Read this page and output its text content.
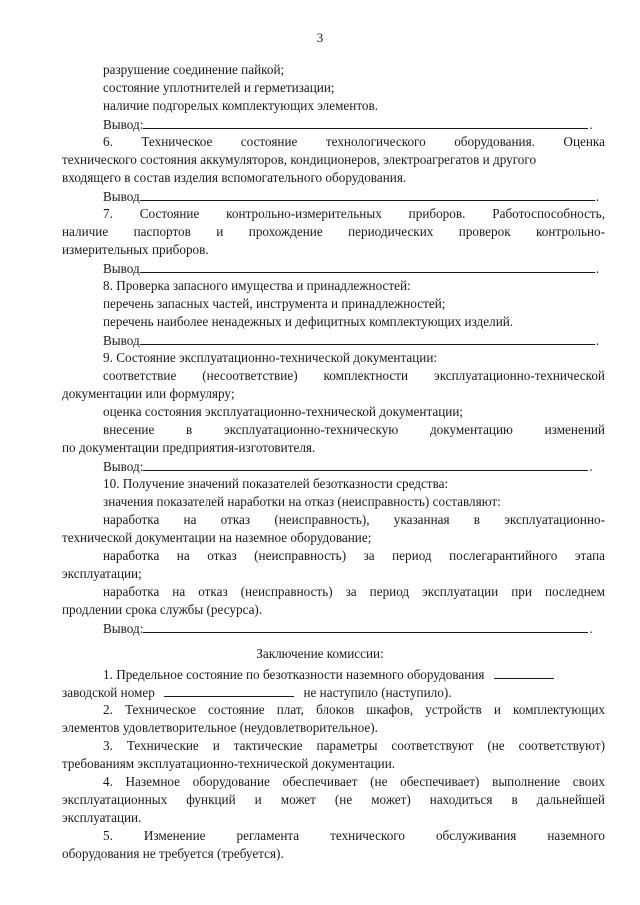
3
разрушение соединение пайкой;
состояние уплотнителей и герметизации;
наличие подгорелых комплектующих элементов.
Вывод:	.
6. Техническое состояние технологического оборудования. Оценка
технического состояния аккумуляторов, кондиционеров, электроагрегатов и другого
входящего в состав изделия вспомогательного оборудования.
Вывод	.
7. Состояние контрольно-измерительных приборов. Работоспособность,
наличие паспортов и прохождение периодических проверок контрольно-
измерительных приборов.
Вывод	.
8. Проверка запасного имущества и принадлежностей:
перечень запасных частей, инструмента и принадлежностей;
перечень наиболее ненадежных и дефицитных комплектующих изделий.
Вывод	.
9. Состояние эксплуатационно-технической документации:
соответствие (несоответствие) комплектности эксплуатационно-технической
документации или формуляру;
оценка состояния эксплуатационно-технической документации;
внесение в эксплуатационно-техническую документацию изменений
по документации предприятия-изготовителя.
Вывод:	.
10. Получение значений показателей безотказности средства:
значения показателей наработки на отказ (неисправность) составляют:
наработка на отказ (неисправность), указанная в эксплуатационно-
технической документации на наземное оборудование;
наработка на отказ (неисправность) за период послегарантийного этапа
эксплуатации;
наработка на отказ (неисправность) за период эксплуатации при последнем
продлении срока службы (ресурса).
Вывод:	.
Заключение комиссии:
1. Предельное состояние по безотказности наземного оборудования
заводской номер	не наступило (наступило).
2. Техническое состояние плат, блоков шкафов, устройств и комплектующих
элементов удовлетворительное (неудовлетворительное).
3. Технические и тактические параметры соответствуют (не соответствуют)
требованиям эксплуатационно-технической документации.
4. Наземное оборудование обеспечивает (не обеспечивает) выполнение своих
эксплуатационных функций и может (не может) находиться в дальнейшей
эксплуатации.
5. Изменение регламента технического обслуживания наземного
оборудования не требуется (требуется).
